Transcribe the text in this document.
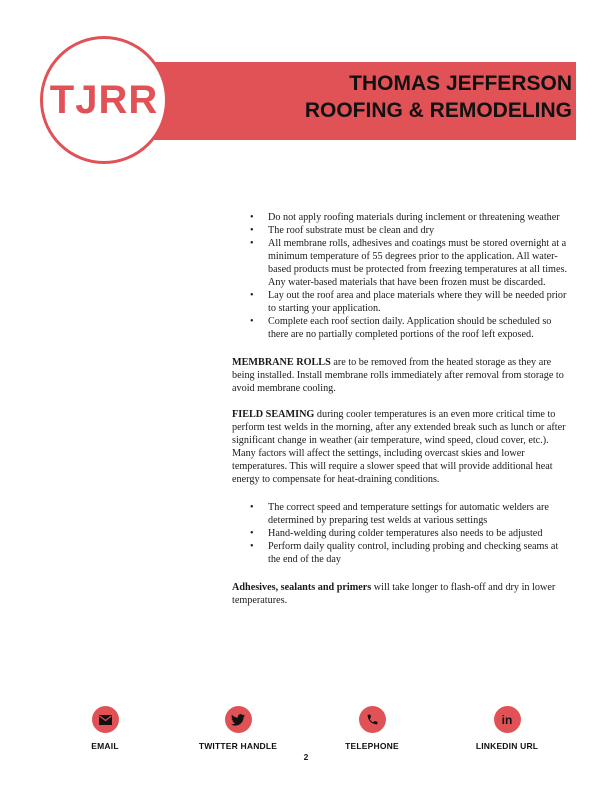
TJRR	THOMAS JEFFERSON
ROOFING & REMODELING
• Do not apply roofing materials during inclement or threatening weather
• The roof substrate must be clean and dry
• All membrane rolls, adhesives and coatings must be stored overnight at a minimum temperature of 55 degrees prior to the application. All water-based products must be protected from freezing temperatures at all times. Any water-based materials that have been frozen must be discarded.
• Lay out the roof area and place materials where they will be needed prior to starting your application.
• Complete each roof section daily. Application should be scheduled so there are no partially completed portions of the roof left exposed.

MEMBRANE ROLLS are to be removed from the heated storage as they are being installed. Install membrane rolls immediately after removal from storage to avoid membrane cooling.

FIELD SEAMING during cooler temperatures is an even more critical time to perform test welds in the morning, after any extended break such as lunch or after significant change in weather (air temperature, wind speed, cloud cover, etc.). Many factors will affect the settings, including overcast skies and lower temperatures. This will require a slower speed that will provide additional heat energy to compensate for heat-draining conditions.

• The correct speed and temperature settings for automatic welders are determined by preparing test welds at various settings
• Hand-welding during colder temperatures also needs to be adjusted
• Perform daily quality control, including probing and checking seams at the end of the day

Adhesives, sealants and primers will take longer to flash-off and dry in lower temperatures.

EMAIL	TWITTER HANDLE	TELEPHONE
in
LINKEDIN URL
2
